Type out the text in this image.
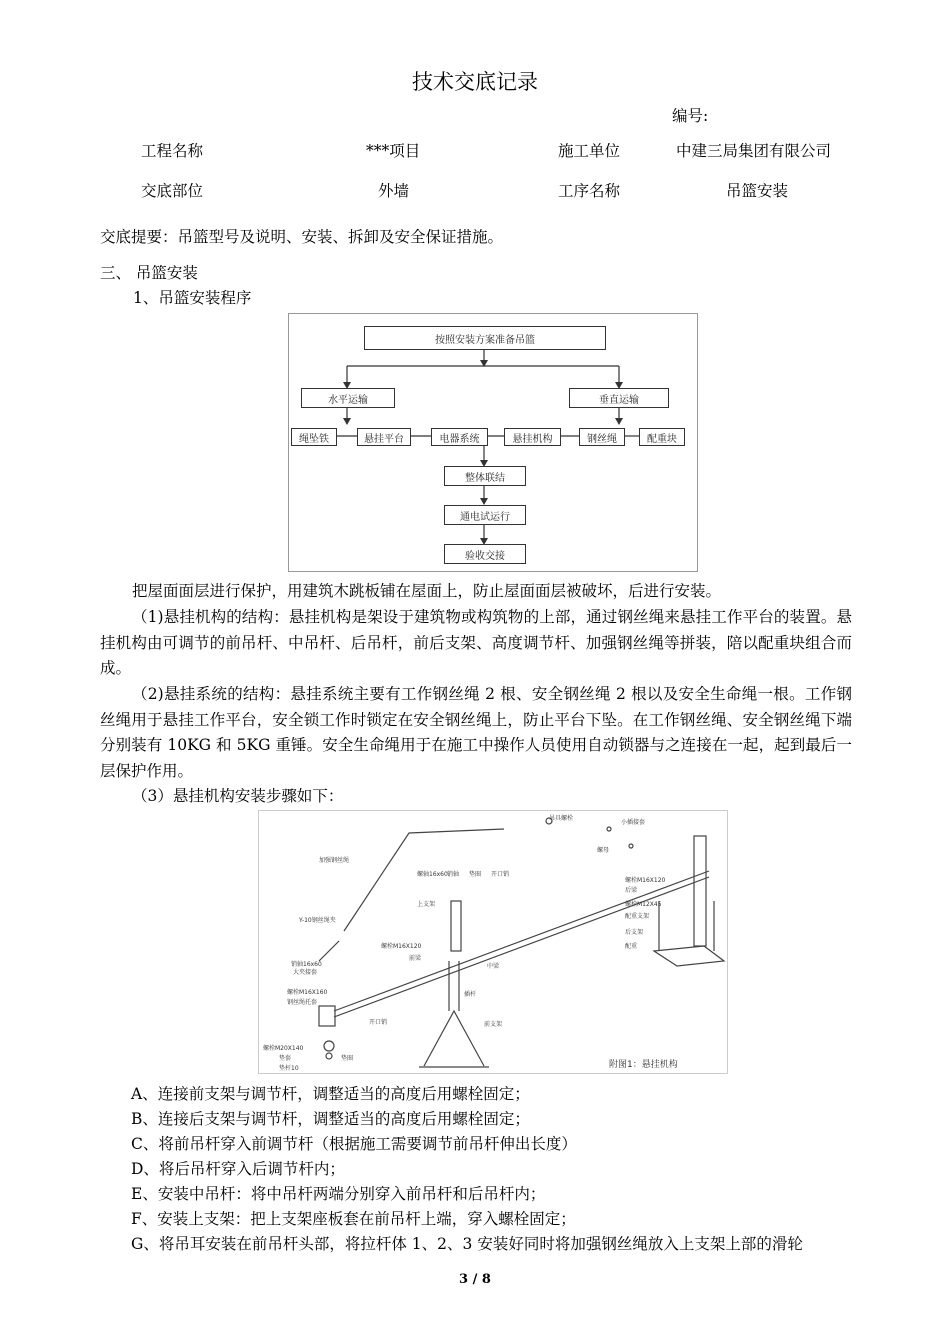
技术交底记录
编号:
工程名称	***项目	施工单位	中建三局集团有限公司
交底部位	外墙	工序名称	吊篮安装
交底提要：吊篮型号及说明、安装、拆卸及安全保证措施。
三、 吊篮安装
1、吊篮安装程序
按照安装方案准备吊篮
水平运输	垂直运输
绳坠铁	悬挂平台	电器系统	悬挂机构	钢丝绳	配重块
整体联结
通电试运行
验收交接
把屋面面层进行保护，用建筑木跳板铺在屋面上，防止屋面面层被破坏，后进行安装。
（1)悬挂机构的结构：悬挂机构是架设于建筑物或构筑物的上部，通过钢丝绳来悬挂工作平台的装置。悬挂机构由可调节的前吊杆、中吊杆、后吊杆，前后支架、高度调节杆、加强钢丝绳等拼装，陪以配重块组合而成。
（2)悬挂系统的结构：悬挂系统主要有工作钢丝绳 2 根、安全钢丝绳 2 根以及安全生命绳一根。工作钢丝绳用于悬挂工作平台，安全锁工作时锁定在安全钢丝绳上，防止平台下坠。在工作钢丝绳、安全钢丝绳下端分别装有 10KG 和 5KG 重锤。安全生命绳用于在施工中操作人员使用自动锁器与之连接在一起，起到最后一层保护作用。
（3）悬挂机构安装步骤如下：
加强钢丝绳
Y-10钢丝绳夹
螺轴16x60 销轴 垫圈 开口销
上支架
螺栓M16X120
前梁
中梁
插杆
前支架
销轴16x60
大夹接套
螺栓M16X160
钢丝绳托套
开口销
螺栓M20X140
垫套	垫圈
垫杆10
吊具螺栓
小插接套
螺母
螺栓M16X120
后梁
螺栓M12X45
配重支架
后支架
配重
附图1：悬挂机构
A、连接前支架与调节杆，调整适当的高度后用螺栓固定；
B、连接后支架与调节杆，调整适当的高度后用螺栓固定；
C、将前吊杆穿入前调节杆（根据施工需要调节前吊杆伸出长度）
D、将后吊杆穿入后调节杆内；
E、安装中吊杆：将中吊杆两端分别穿入前吊杆和后吊杆内；
F、安装上支架：把上支架座板套在前吊杆上端，穿入螺栓固定；
G、将吊耳安装在前吊杆头部，将拉杆体 1、2、3 安装好同时将加强钢丝绳放入上支架上部的滑轮
3 / 8
